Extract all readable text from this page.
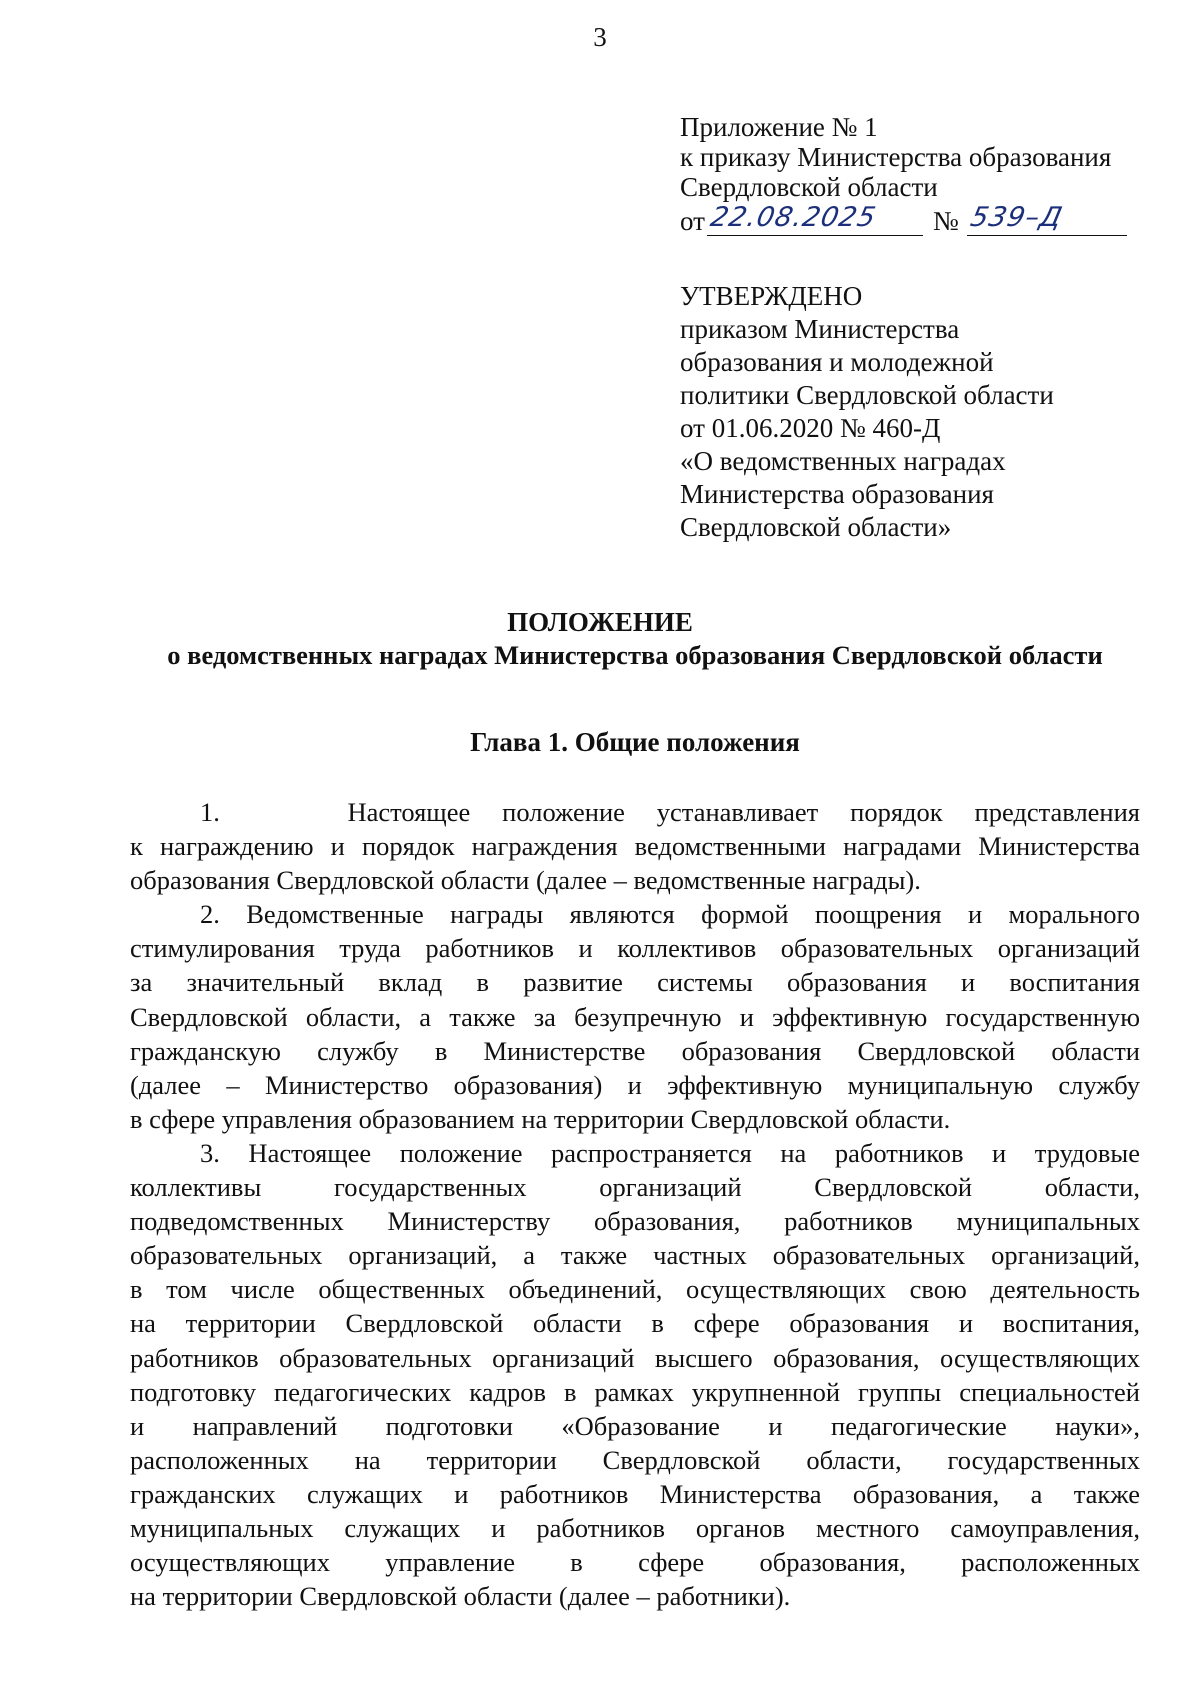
3
Приложение № 1
к приказу Министерства образования
Свердловской области
от 22.08.2025 № 539–Д
УТВЕРЖДЕНО
приказом Министерства
образования и молодежной
политики Свердловской области
от 01.06.2020 № 460-Д
«О ведомственных наградах
Министерства образования
Свердловской области»
ПОЛОЖЕНИЕ
о ведомственных наградах Министерства образования Свердловской области
Глава 1. Общие положения
1.    Настоящее положение устанавливает порядок представления
к награждению и порядок награждения ведомственными наградами Министерства
образования Свердловской области (далее – ведомственные награды).
2. Ведомственные награды являются формой поощрения и морального
стимулирования труда работников и коллективов образовательных организаций
за значительный вклад в развитие системы образования и воспитания
Свердловской области, а также за безупречную и эффективную государственную
гражданскую службу в Министерстве образования Свердловской области
(далее – Министерство образования) и эффективную муниципальную службу
в сфере управления образованием на территории Свердловской области.
3. Настоящее положение распространяется на работников и трудовые
коллективы государственных организаций Свердловской области,
подведомственных Министерству образования, работников муниципальных
образовательных организаций, а также частных образовательных организаций,
в том числе общественных объединений, осуществляющих свою деятельность
на территории Свердловской области в сфере образования и воспитания,
работников образовательных организаций высшего образования, осуществляющих
подготовку педагогических кадров в рамках укрупненной группы специальностей
и направлений подготовки «Образование и педагогические науки»,
расположенных на территории Свердловской области, государственных
гражданских служащих и работников Министерства образования, а также
муниципальных служащих и работников органов местного самоуправления,
осуществляющих управление в сфере образования, расположенных
на территории Свердловской области (далее – работники).
